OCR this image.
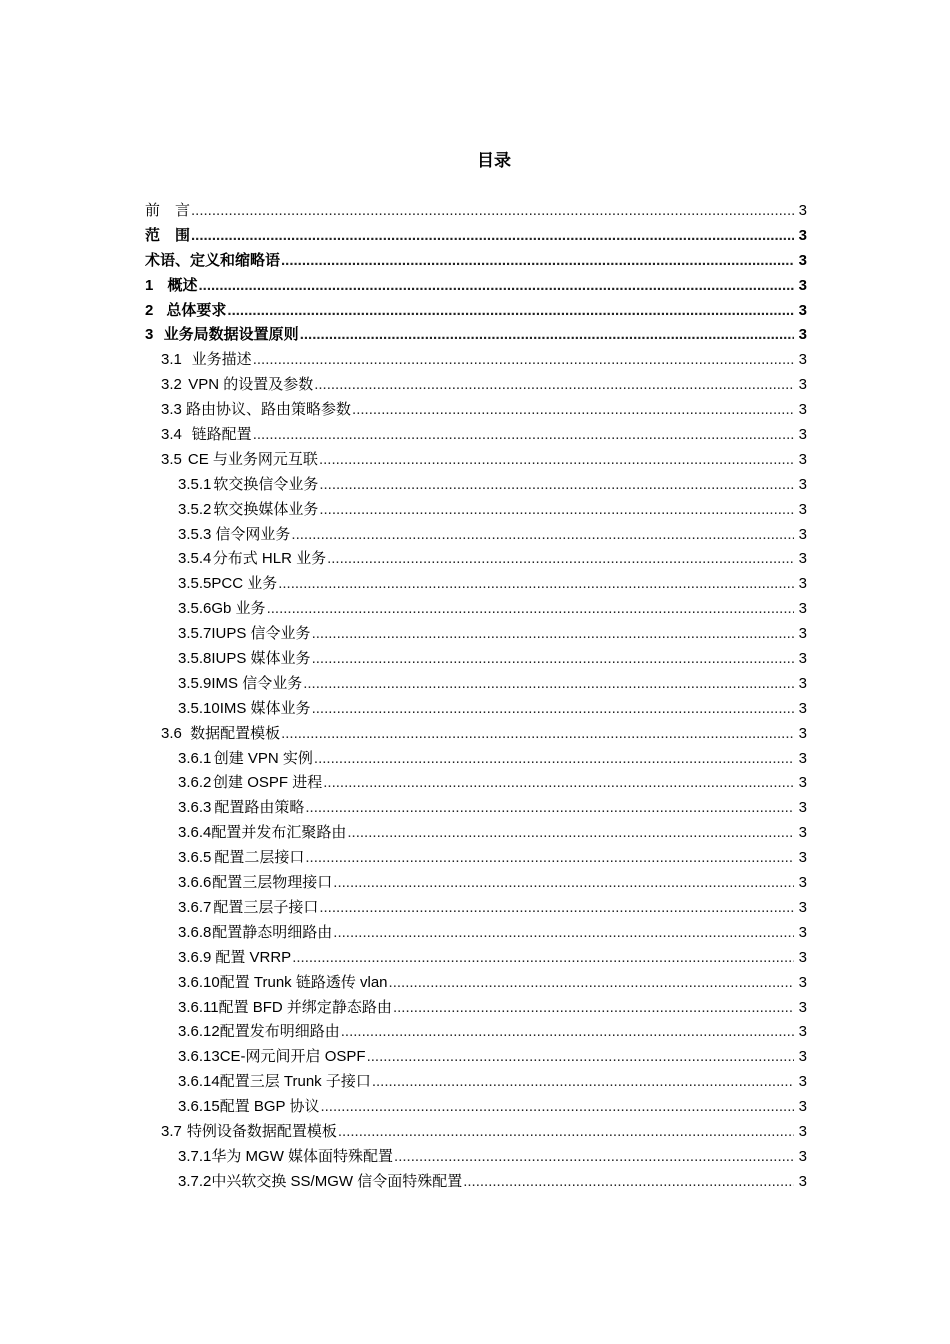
目录
前　言 .....	3
范　围 .....	3
术语、定义和缩略语 .....	3
1 概述 .....	3
2 总体要求 .....	3
3 业务局数据设置原则 .....	3
3.1 业务描述 .....	3
3.2 VPN 的设置及参数 .....	3
3.3 路由协议、路由策略参数 .....	3
3.4 链路配置 .....	3
3.5 CE 与业务网元互联 .....	3
3.5.1 软交换信令业务 .....	3
3.5.2 软交换媒体业务 .....	3
3.5.3 信令网业务 .....	3
3.5.4 分布式 HLR 业务 .....	3
3.5.5 PCC 业务 .....	3
3.5.6 Gb 业务 .....	3
3.5.7 IUPS 信令业务 .....	3
3.5.8 IUPS 媒体业务 .....	3
3.5.9 IMS 信令业务 .....	3
3.5.10 IMS 媒体业务 .....	3
3.6 数据配置模板 .....	3
3.6.1 创建 VPN 实例 .....	3
3.6.2 创建 OSPF 进程 .....	3
3.6.3 配置路由策略 .....	3
3.6.4 配置并发布汇聚路由 .....	3
3.6.5 配置二层接口 .....	3
3.6.6 配置三层物理接口 .....	3
3.6.7 配置三层子接口 .....	3
3.6.8 配置静态明细路由 .....	3
3.6.9 配置 VRRP .....	3
3.6.10 配置 Trunk 链路透传 vlan .....	3
3.6.11 配置 BFD 并绑定静态路由 .....	3
3.6.12 配置发布明细路由 .....	3
3.6.13 CE-网元间开启 OSPF .....	3
3.6.14 配置三层 Trunk 子接口 .....	3
3.6.15 配置 BGP 协议 .....	3
3.7 特例设备数据配置模板 .....	3
3.7.1 华为 MGW 媒体面特殊配置 .....	3
3.7.2 中兴软交换 SS/MGW 信令面特殊配置 .....	3
